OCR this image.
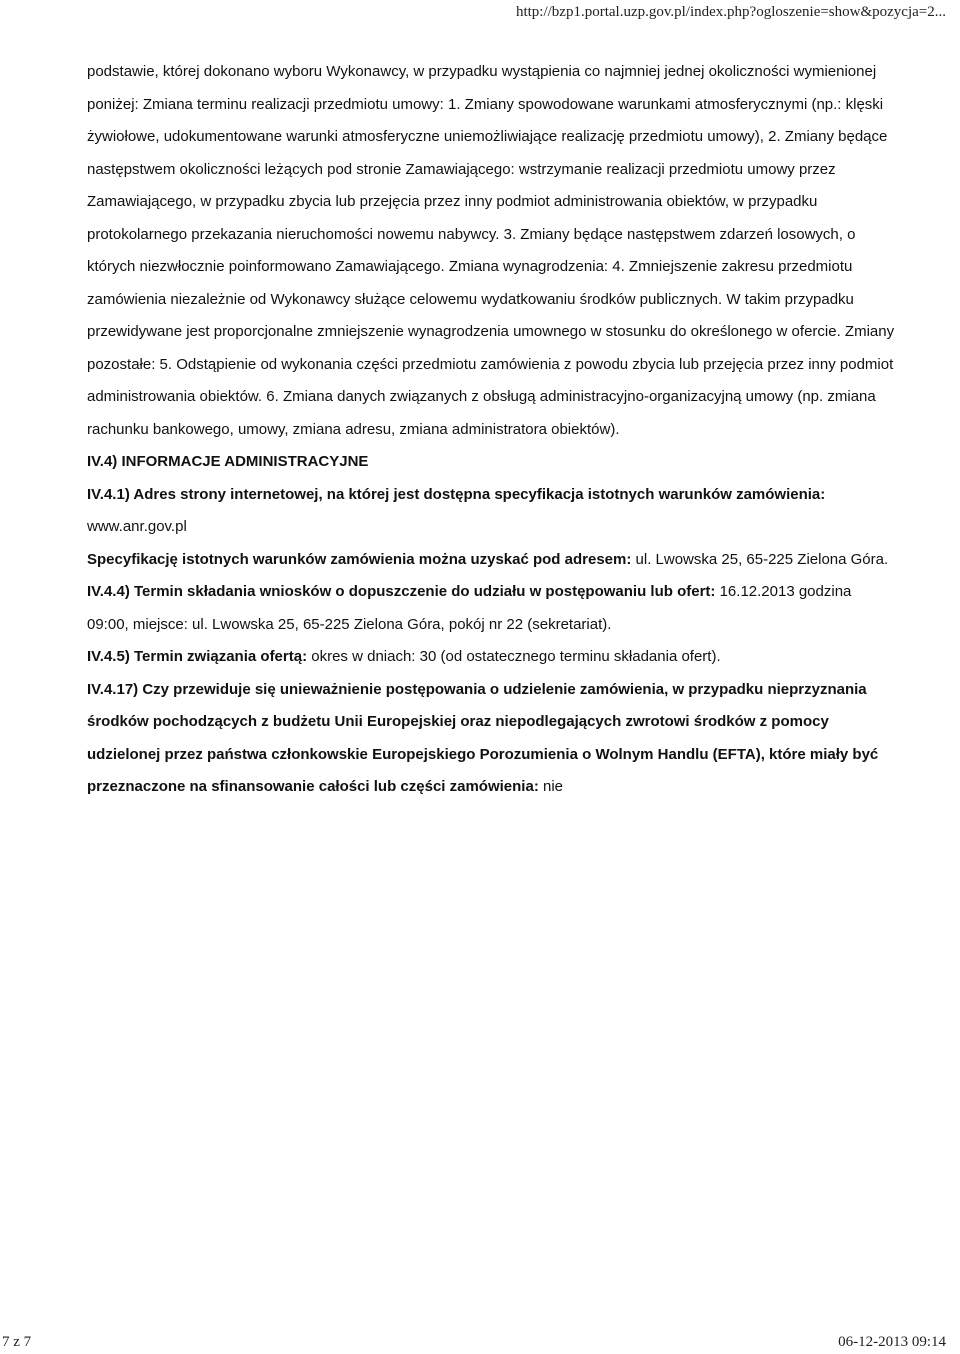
http://bzp1.portal.uzp.gov.pl/index.php?ogloszenie=show&pozycja=2...

podstawie, której dokonano wyboru Wykonawcy, w przypadku wystąpienia co najmniej jednej okoliczności wymienionej poniżej: Zmiana terminu realizacji przedmiotu umowy: 1. Zmiany spowodowane warunkami atmosferycznymi (np.: klęski żywiołowe, udokumentowane warunki atmosferyczne uniemożliwiające realizację przedmiotu umowy), 2. Zmiany będące następstwem okoliczności leżących pod stronie Zamawiającego: wstrzymanie realizacji przedmiotu umowy przez Zamawiającego, w przypadku zbycia lub przejęcia przez inny podmiot administrowania obiektów, w przypadku protokolarnego przekazania nieruchomości nowemu nabywcy. 3. Zmiany będące następstwem zdarzeń losowych, o których niezwłocznie poinformowano Zamawiającego. Zmiana wynagrodzenia: 4. Zmniejszenie zakresu przedmiotu zamówienia niezależnie od Wykonawcy służące celowemu wydatkowaniu środków publicznych. W takim przypadku przewidywane jest proporcjonalne zmniejszenie wynagrodzenia umownego w stosunku do określonego w ofercie. Zmiany pozostałe: 5. Odstąpienie od wykonania części przedmiotu zamówienia z powodu zbycia lub przejęcia przez inny podmiot administrowania obiektów. 6. Zmiana danych związanych z obsługą administracyjno-organizacyjną umowy (np. zmiana rachunku bankowego, umowy, zmiana adresu, zmiana administratora obiektów).

IV.4) INFORMACJE ADMINISTRACYJNE

IV.4.1) Adres strony internetowej, na której jest dostępna specyfikacja istotnych warunków zamówienia:
www.anr.gov.pl

Specyfikację istotnych warunków zamówienia można uzyskać pod adresem: ul. Lwowska 25, 65-225 Zielona Góra.

IV.4.4) Termin składania wniosków o dopuszczenie do udziału w postępowaniu lub ofert: 16.12.2013 godzina 09:00, miejsce: ul. Lwowska 25, 65-225 Zielona Góra, pokój nr 22 (sekretariat).

IV.4.5) Termin związania ofertą: okres w dniach: 30 (od ostatecznego terminu składania ofert).

IV.4.17) Czy przewiduje się unieważnienie postępowania o udzielenie zamówienia, w przypadku nieprzyznania środków pochodzących z budżetu Unii Europejskiej oraz niepodlegających zwrotowi środków z pomocy udzielonej przez państwa członkowskie Europejskiego Porozumienia o Wolnym Handlu (EFTA), które miały być przeznaczone na sfinansowanie całości lub części zamówienia: nie

7 z 7	06-12-2013 09:14
